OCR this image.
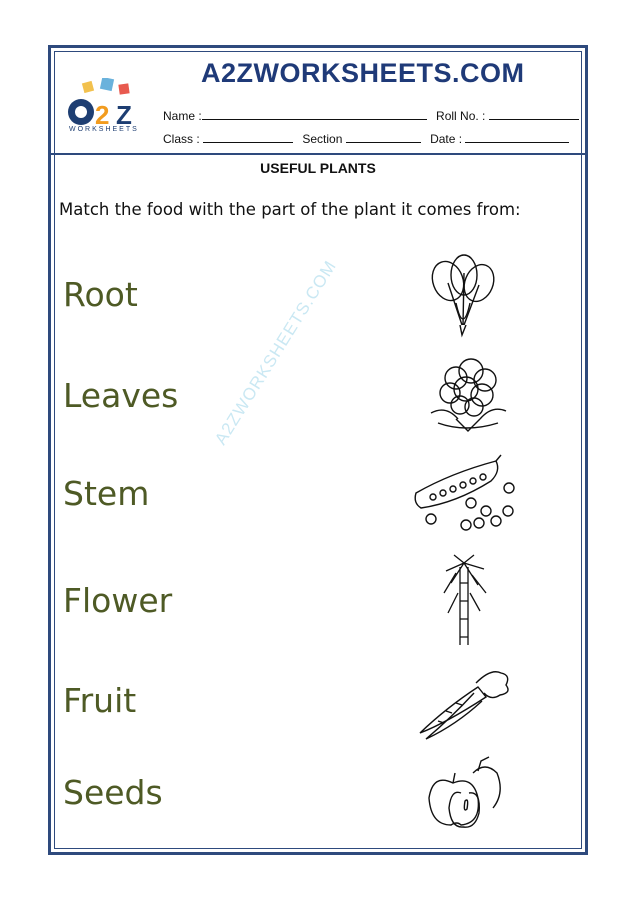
A2ZWORKSHEETS.COM
2 Z
WORKSHEETS
Name :	Roll No. :
Class :	Section	Date :
USEFUL PLANTS
Match the food with the part of the plant it comes from:
Root
Leaves
Stem
Flower
Fruit
Seeds
A2ZWORKSHEETS.COM
